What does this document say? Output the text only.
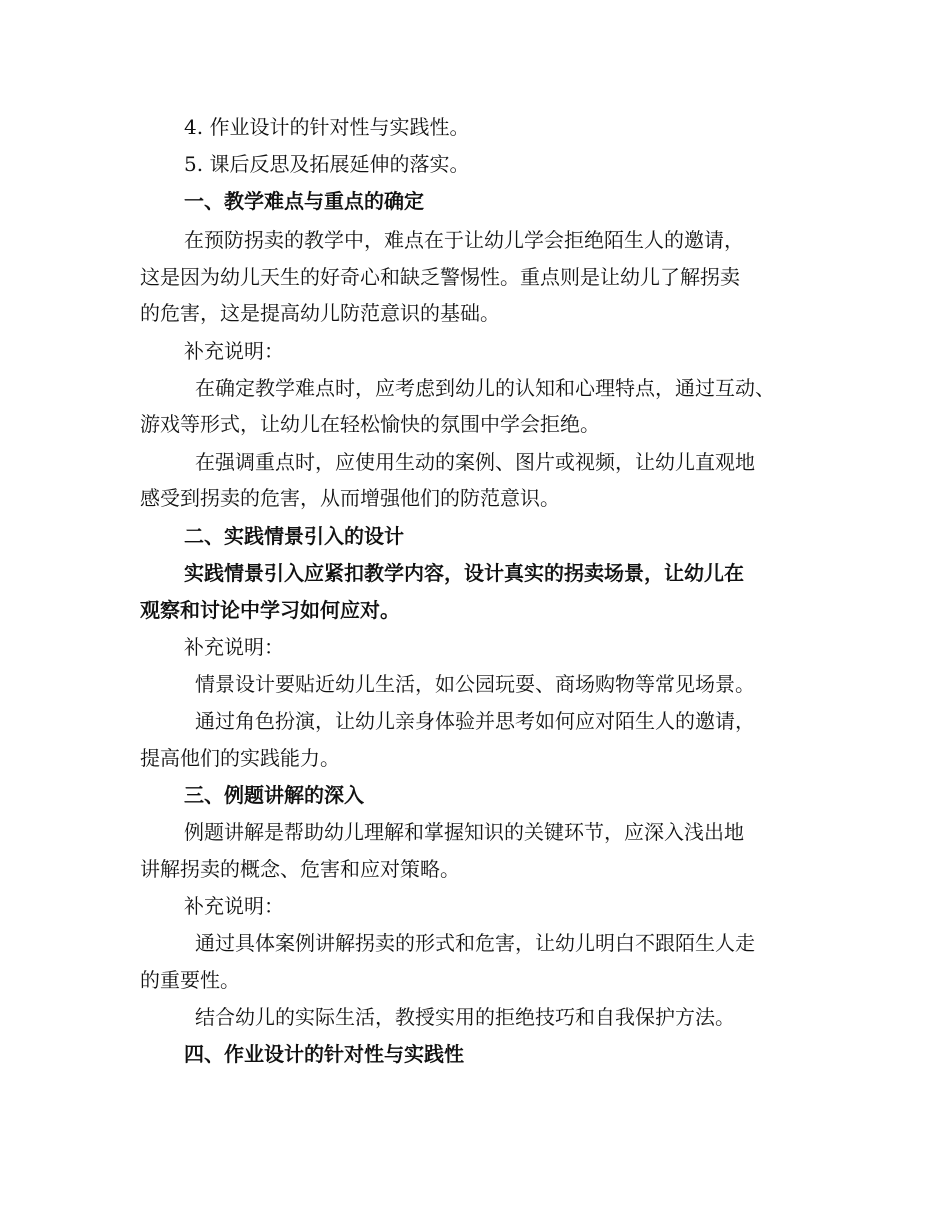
4. 作业设计的针对性与实践性。
5. 课后反思及拓展延伸的落实。
一、教学难点与重点的确定
在预防拐卖的教学中，难点在于让幼儿学会拒绝陌生人的邀请，
这是因为幼儿天生的好奇心和缺乏警惕性。重点则是让幼儿了解拐卖
的危害，这是提高幼儿防范意识的基础。
补充说明：
在确定教学难点时，应考虑到幼儿的认知和心理特点，通过互动、
游戏等形式，让幼儿在轻松愉快的氛围中学会拒绝。
在强调重点时，应使用生动的案例、图片或视频，让幼儿直观地
感受到拐卖的危害，从而增强他们的防范意识。
二、实践情景引入的设计
实践情景引入应紧扣教学内容，设计真实的拐卖场景，让幼儿在
观察和讨论中学习如何应对。
补充说明：
情景设计要贴近幼儿生活，如公园玩耍、商场购物等常见场景。
通过角色扮演，让幼儿亲身体验并思考如何应对陌生人的邀请，
提高他们的实践能力。
三、例题讲解的深入
例题讲解是帮助幼儿理解和掌握知识的关键环节，应深入浅出地
讲解拐卖的概念、危害和应对策略。
补充说明：
通过具体案例讲解拐卖的形式和危害，让幼儿明白不跟陌生人走
的重要性。
结合幼儿的实际生活，教授实用的拒绝技巧和自我保护方法。
四、作业设计的针对性与实践性
